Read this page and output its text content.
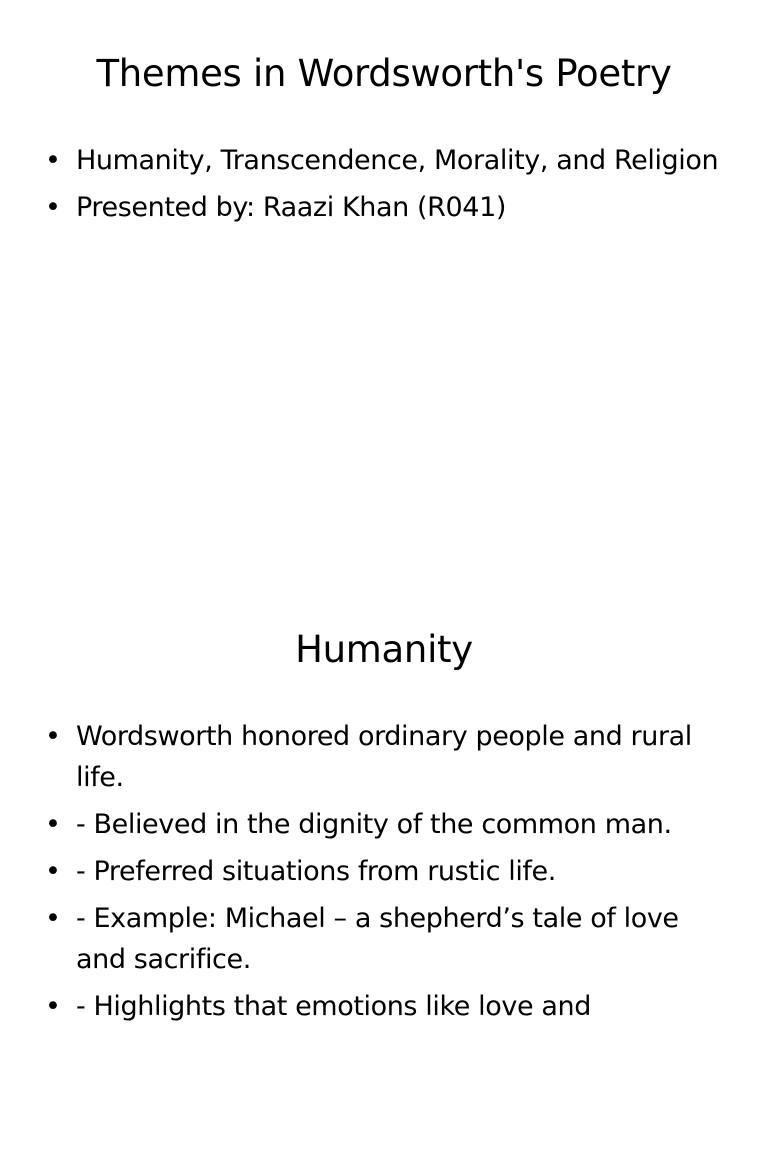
Themes in Wordsworth's Poetry
• Humanity, Transcendence, Morality, and Religion
• Presented by: Raazi Khan (R041)
Humanity
• Wordsworth honored ordinary people and rural life.
• - Believed in the dignity of the common man.
• - Preferred situations from rustic life.
• - Example: Michael – a shepherd’s tale of love and sacrifice.
• - Highlights that emotions like love and
